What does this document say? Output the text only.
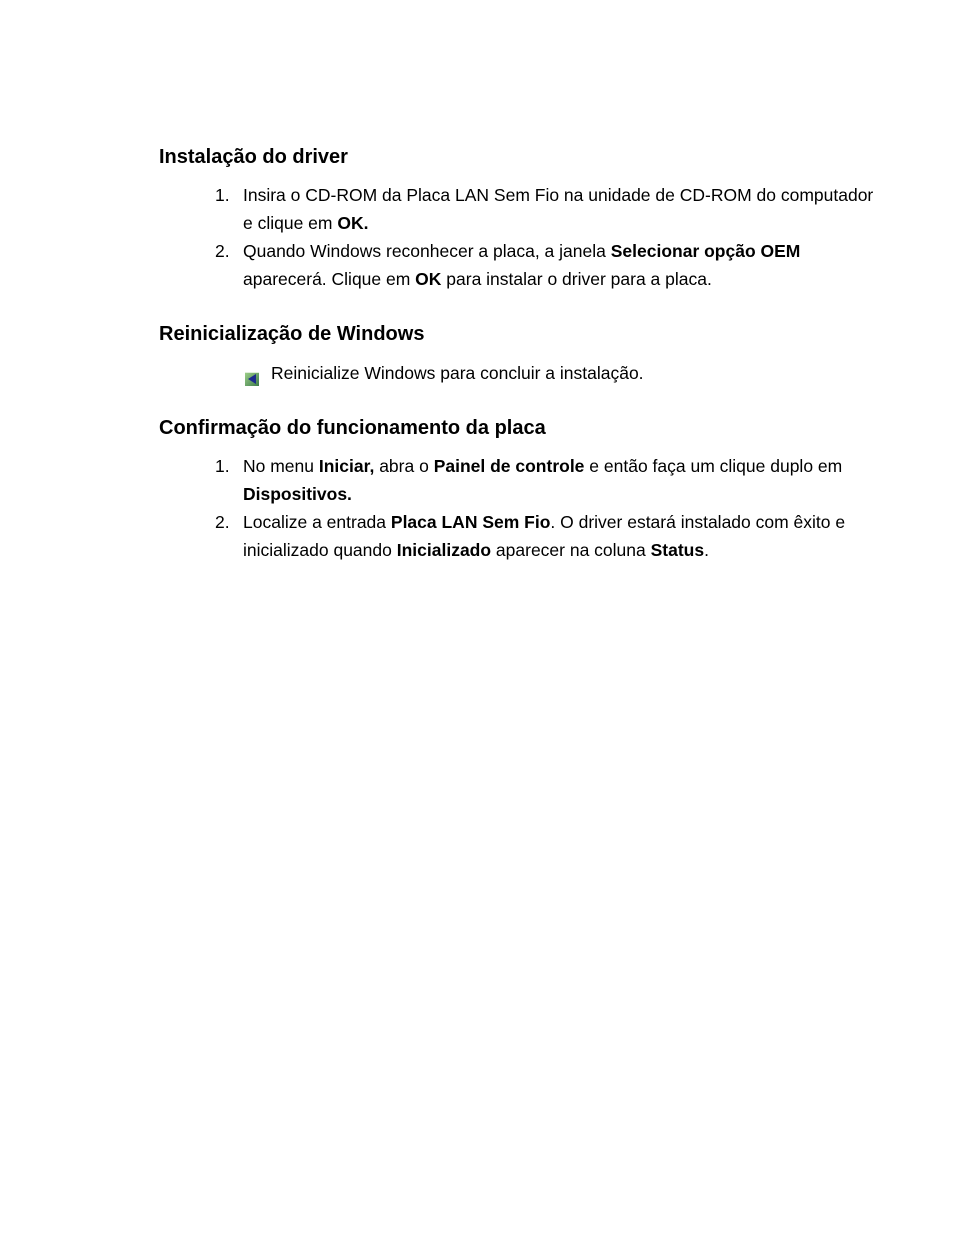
Instalação do driver
1. Insira o CD-ROM da Placa LAN Sem Fio na unidade de CD-ROM do computador e clique em OK.
2. Quando Windows reconhecer a placa, a janela Selecionar opção OEM aparecerá. Clique em OK para instalar o driver para a placa.
Reinicialização de Windows
Reinicialize Windows para concluir a instalação.
Confirmação do funcionamento da placa
1. No menu Iniciar, abra o Painel de controle e então faça um clique duplo em Dispositivos.
2. Localize a entrada Placa LAN Sem Fio. O driver estará instalado com êxito e inicializado quando Inicializado aparecer na coluna Status.
